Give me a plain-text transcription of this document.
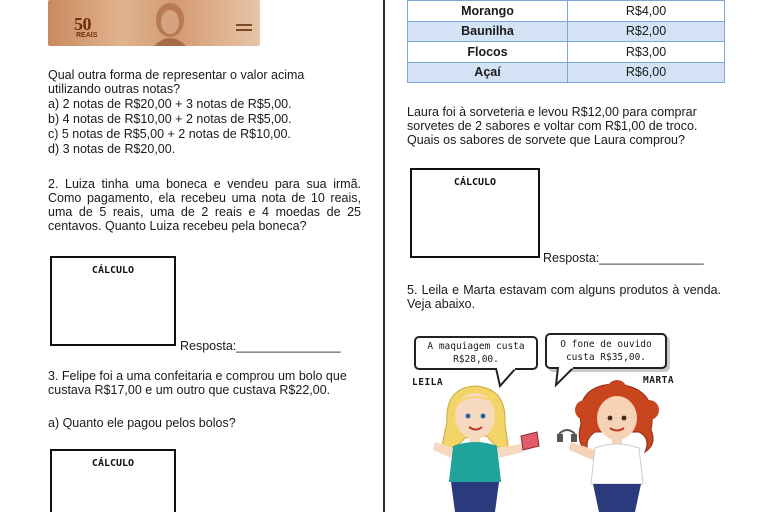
50
REAIS
Qual outra forma de representar o valor acima utilizando outras notas?
a) 2 notas de R$20,00 + 3 notas de R$5,00.
b) 4 notas de R$10,00 + 2 notas de R$5,00.
c) 5 notas de R$5,00 + 2 notas de R$10,00.
d) 3 notas de R$20,00.
2. Luiza tinha uma boneca e vendeu para sua irmã. Como pagamento, ela recebeu uma nota de 10 reais, uma de 5 reais, uma de 2 reais e 4 moedas de 25 centavos. Quanto Luiza recebeu pela boneca?
CÁLCULO
Resposta:_______________
3. Felipe foi a uma confeitaria e comprou um bolo que custava R$17,00 e um outro que custava R$22,00.
a) Quanto ele pagou pelos bolos?
CÁLCULO
Morango	R$4,00
Baunilha	R$2,00
Flocos	R$3,00
Açaí	R$6,00
Laura foi à sorveteria e levou R$12,00 para comprar sorvetes de 2 sabores e voltar com R$1,00 de troco. Quais os sabores de sorvete que Laura comprou?
CÁLCULO
Resposta:_______________
5. Leila e Marta estavam com alguns produtos à venda. Veja abaixo.
A maquiagem custa
R$28,00.
LEILA
O fone de ouvido
custa R$35,00.
MARTA
